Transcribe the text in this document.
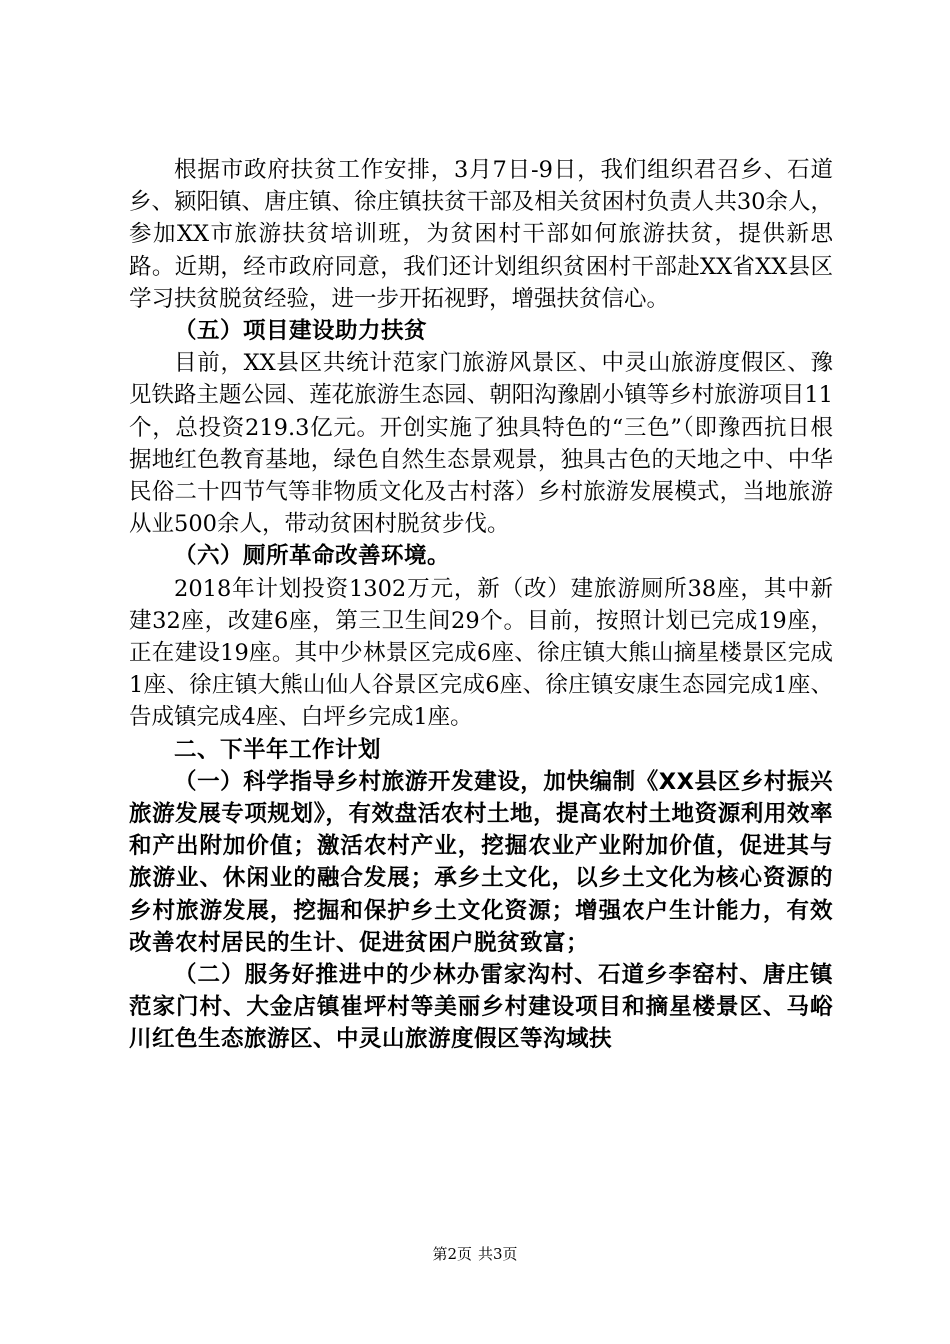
根据市政府扶贫工作安排，3月7日-9日，我们组织君召乡、石道乡、颍阳镇、唐庄镇、徐庄镇扶贫干部及相关贫困村负责人共30余人，参加XX市旅游扶贫培训班，为贫困村干部如何旅游扶贫，提供新思路。近期，经市政府同意，我们还计划组织贫困村干部赴XX省XX县区学习扶贫脱贫经验，进一步开拓视野，增强扶贫信心。

（五）项目建设助力扶贫

目前，XX县区共统计范家门旅游风景区、中灵山旅游度假区、豫见铁路主题公园、莲花旅游生态园、朝阳沟豫剧小镇等乡村旅游项目11个，总投资219.3亿元。开创实施了独具特色的“三色”（即豫西抗日根据地红色教育基地，绿色自然生态景观景，独具古色的天地之中、中华民俗二十四节气等非物质文化及古村落）乡村旅游发展模式，当地旅游从业500余人，带动贫困村脱贫步伐。

（六）厕所革命改善环境。

2018年计划投资1302万元，新（改）建旅游厕所38座，其中新建32座，改建6座，第三卫生间29个。目前，按照计划已完成19座，正在建设19座。其中少林景区完成6座、徐庄镇大熊山摘星楼景区完成1座、徐庄镇大熊山仙人谷景区完成6座、徐庄镇安康生态园完成1座、告成镇完成4座、白坪乡完成1座。

二、下半年工作计划

（一）科学指导乡村旅游开发建设，加快编制《XX县区乡村振兴旅游发展专项规划》，有效盘活农村土地，提高农村土地资源利用效率和产出附加价值；激活农村产业，挖掘农业产业附加价值，促进其与旅游业、休闲业的融合发展；承乡土文化，以乡土文化为核心资源的乡村旅游发展，挖掘和保护乡土文化资源；增强农户生计能力，有效改善农村居民的生计、促进贫困户脱贫致富；

（二）服务好推进中的少林办雷家沟村、石道乡李窑村、唐庄镇范家门村、大金店镇崔坪村等美丽乡村建设项目和摘星楼景区、马峪川红色生态旅游区、中灵山旅游度假区等沟域扶

第2页 共3页
